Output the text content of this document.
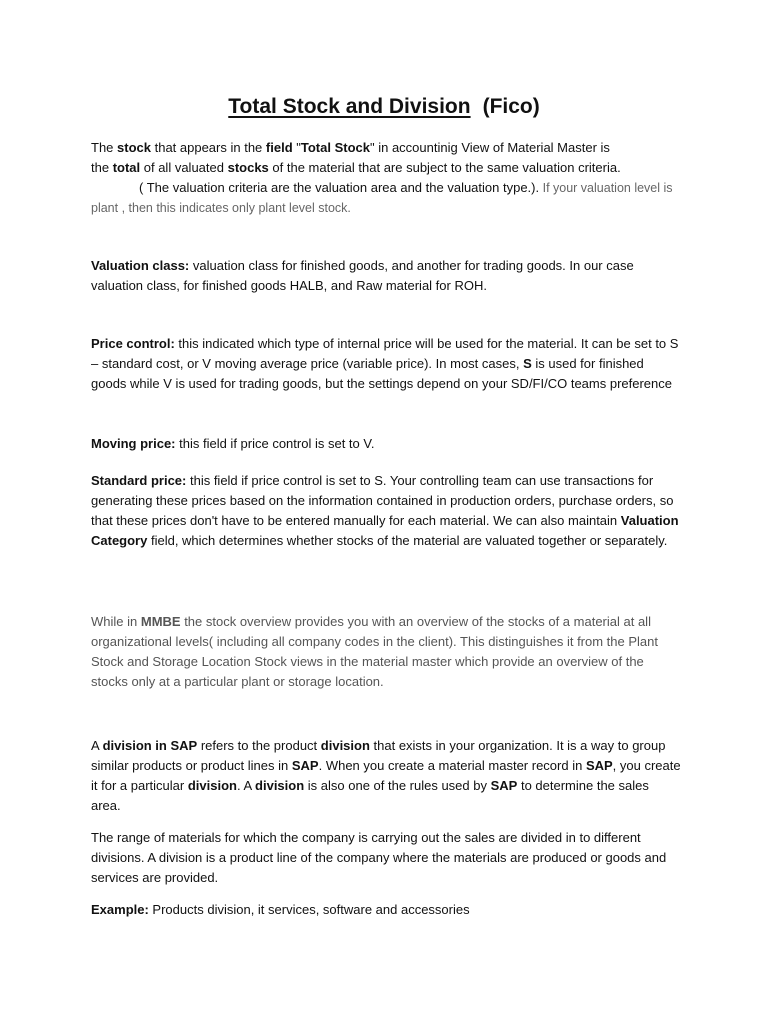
Total Stock and Division (Fico)
The stock that appears in the field "Total Stock" in accountinig View of Material Master is
the total of all valuated stocks of the material that are subject to the same valuation criteria.
( The valuation criteria are the valuation area and the valuation type.). If your valuation level is plant , then this indicates only plant level stock.
Valuation class: valuation class for finished goods, and another for trading goods. In our case valuation class, for finished goods HALB, and Raw material for ROH.
Price control: this indicated which type of internal price will be used for the material. It can be set to S – standard cost, or V moving average price (variable price). In most cases, S is used for finished goods while V is used for trading goods, but the settings depend on your SD/FI/CO teams preference
Moving price: this field if price control is set to V.
Standard price: this field if price control is set to S. Your controlling team can use transactions for generating these prices based on the information contained in production orders, purchase orders, so that these prices don't have to be entered manually for each material. We can also maintain Valuation Category field, which determines whether stocks of the material are valuated together or separately.
While in MMBE the stock overview provides you with an overview of the stocks of a material at all organizational levels( including all company codes in the client). This distinguishes it from the Plant Stock and Storage Location Stock views in the material master which provide an overview of the stocks only at a particular plant or storage location.
A division in SAP refers to the product division that exists in your organization. It is a way to group similar products or product lines in SAP. When you create a material master record in SAP, you create it for a particular division. A division is also one of the rules used by SAP to determine the sales area.
The range of materials for which the company is carrying out the sales are divided in to different divisions. A division is a product line of the company where the materials are produced or goods and services are provided.
Example: Products division, it services, software and accessories
